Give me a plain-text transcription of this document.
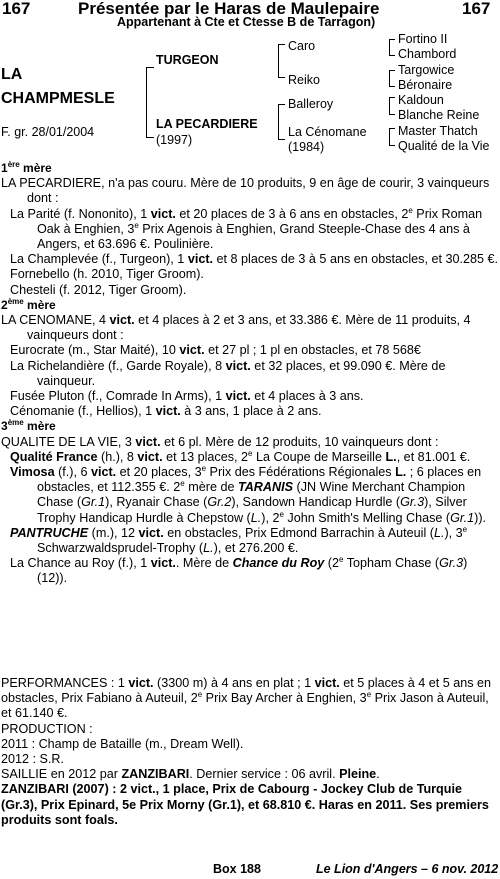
167	Présentée par le Haras de Maulepaire	167
Appartenant à Cte et Ctesse B de Tarragon)
LA
CHAMPMESLE
F. gr. 28/01/2004
TURGEON
LA PECARDIERE
(1997)
Caro
Reiko
Balleroy
La Cénomane
(1984)
Fortino II
Chambord
Targowice
Béronaire
Kaldoun
Blanche Reine
Master Thatch
Qualité de la Vie

1ère mère

LA PECARDIERE, n'a pas couru. Mère de 10 produits, 9 en âge de courir, 3 vainqueurs dont :

La Parité (f. Nononito), 1 vict. et 20 places de 3 à 6 ans en obstacles, 2e Prix Roman Oak à Enghien, 3e Prix Agenois à Enghien, Grand Steeple-Chase des 4 ans à Angers, et 63.696 €. Poulinière.

La Champlevée (f., Turgeon), 1 vict. et 8 places de 3 à 5 ans en obstacles, et 30.285 €.

Fornebello (h. 2010, Tiger Groom).

Chesteli (f. 2012, Tiger Groom).

2ème mère

LA CENOMANE, 4 vict. et 4 places à 2 et 3 ans, et 33.386 €. Mère de 11 produits, 4 vainqueurs dont :

Eurocrate (m., Star Maité), 10 vict. et 27 pl ; 1 pl en obstacles, et 78 568€

La Richelandière (f., Garde Royale), 8 vict. et 32 places, et 99.090 €. Mère de vainqueur.

Fusée Pluton (f., Comrade In Arms), 1 vict. et 4 places à 3 ans.

Cénomanie (f., Hellios), 1 vict. à 3 ans, 1 place à 2 ans.

3ème mère

QUALITE DE LA VIE, 3 vict. et 6 pl. Mère de 12 produits, 10 vainqueurs dont :

Qualité France (h.), 8 vict. et 13 places, 2e La Coupe de Marseille L., et 81.001 €.

Vimosa (f.), 6 vict. et 20 places, 3e Prix des Fédérations Régionales L. ; 6 places en obstacles, et 112.355 €. 2e mère de TARANIS (JN Wine Merchant Champion Chase (Gr.1), Ryanair Chase (Gr.2), Sandown Handicap Hurdle (Gr.3), Silver Trophy Handicap Hurdle à Chepstow (L.), 2e John Smith's Melling Chase (Gr.1)).

PANTRUCHE (m.), 12 vict. en obstacles, Prix Edmond Barrachin à Auteuil (L.), 3e Schwarzwaldsprudel-Trophy (L.), et 276.200 €.

La Chance au Roy (f.), 1 vict.. Mère de Chance du Roy (2e Topham Chase (Gr.3) (12)).

PERFORMANCES : 1 vict. (3300 m) à 4 ans en plat ; 1 vict. et 5 places à 4 et 5 ans en obstacles, Prix Fabiano à Auteuil, 2e Prix Bay Archer à Enghien, 3e Prix Jason à Auteuil, et 61.140 €.

PRODUCTION :

2011 : Champ de Bataille (m., Dream Well).

2012 : S.R.

SAILLIE en 2012 par ZANZIBARI. Dernier service : 06 avril. Pleine.

ZANZIBARI (2007) : 2 vict., 1 place, Prix de Cabourg - Jockey Club de Turquie (Gr.3), Prix Epinard, 5e Prix Morny (Gr.1), et 68.810 €. Haras en 2011. Ses premiers produits sont foals.

Box 188	Le Lion d'Angers – 6 nov. 2012
